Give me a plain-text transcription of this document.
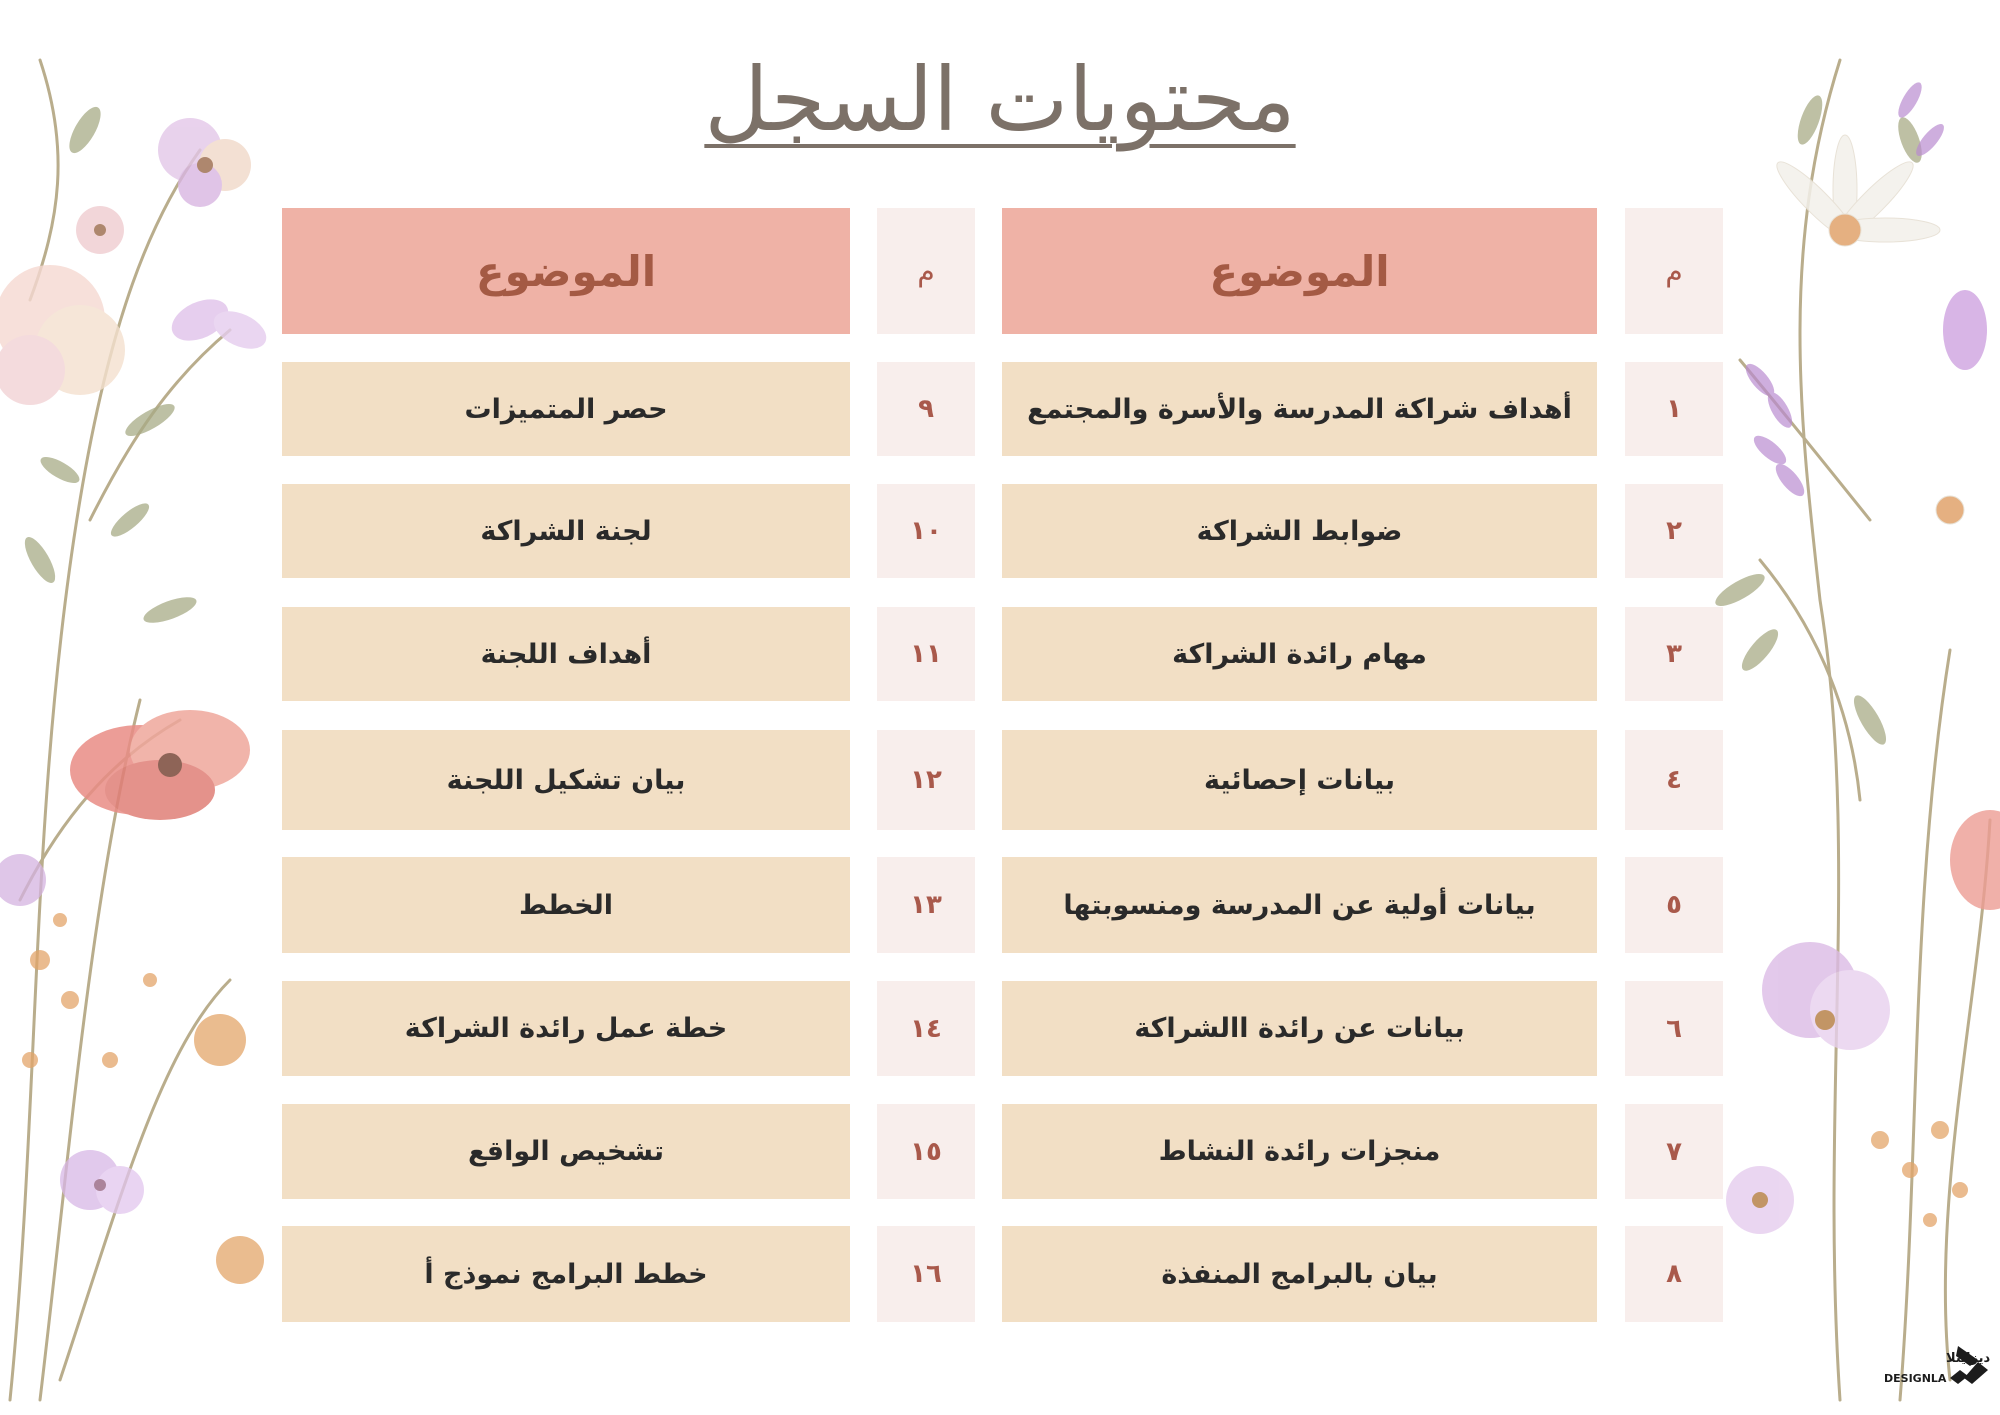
محتويات السجل
م
الموضوع
م
الموضوع
١
أهداف شراكة المدرسة والأسرة والمجتمع
٢
ضوابط الشراكة
٣
مهام رائدة الشراكة
٤
بيانات إحصائية
٥
بيانات أولية عن المدرسة ومنسوبتها
٦
بيانات عن رائدة االشراكة
٧
منجزات رائدة النشاط
٨
بيان بالبرامج المنفذة
٩
حصر المتميزات
١٠
لجنة الشراكة
١١
أهداف اللجنة
١٢
بيان تشكيل اللجنة
١٣
الخطط
١٤
خطة عمل رائدة الشراكة
١٥
تشخيص الواقع
١٦
خطط البرامج نموذج أ
ديزاينلا
DESIGNLA
